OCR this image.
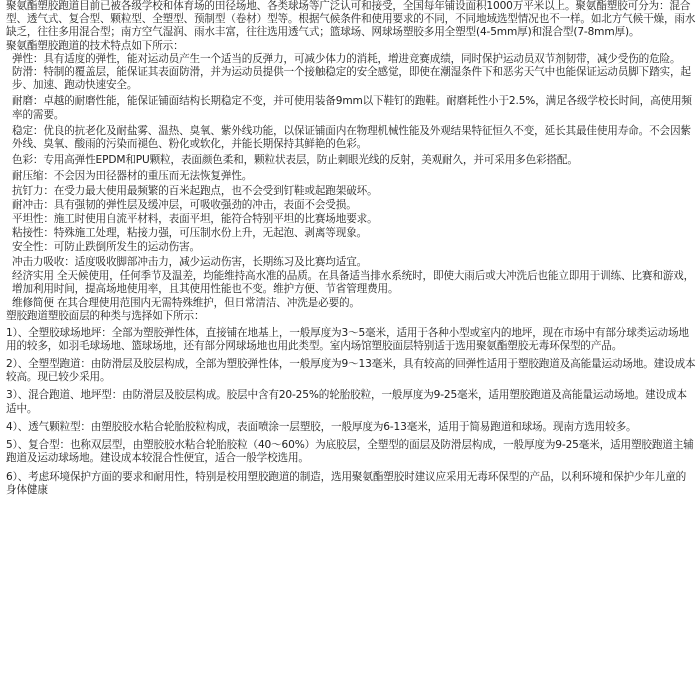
聚氨酯塑胶跑道目前已被各级学校和体育场的田径场地、各类球场等广泛认可和接受，全国每年铺设面积1000万平米以上。聚氨酯塑胶可分为：混合型、透气式、复合型、颗粒型、全塑型、预制型（卷材）型等。根据气候条件和使用要求的不同，不同地域选型情况也不一样。如北方气候干燥，雨水缺乏，往往多用混合型；南方空气湿润、雨水丰富，往往选用透气式；篮球场、网球场塑胶多用全塑型(4-5mm厚)和混合型(7-8mm厚)。

聚氨酯塑胶跑道的技术特点如下所示：

弹性：具有适度的弹性，能对运动员产生一个适当的反弹力，可减少体力的消耗，增进竞赛成绩，同时保护运动员双节剂韧带，减少受伤的危险。

防滑：特制的覆盖层，能保证其表面防滑，并为运动员提供一个接触稳定的安全感觉，即使在潮湿条件下和恶劣天气中也能保证运动员脚下踏实，起步、加速、跑动快速安全。

耐磨：卓越的耐磨性能，能保证铺面结构长期稳定不变，并可使用装备9mm以下鞋钉的跑鞋。耐磨耗性小于2.5%，满足各级学校长时间，高使用频率的需要。

稳定：优良的抗老化及耐盐雾、温热、臭氧、紫外线功能，以保证铺面内在物理机械性能及外观结果特征恒久不变，延长其最佳使用寿命。不会因紫外线、臭氧、酸雨的污染而褪色、粉化或软化，并能长期保持其鲜艳的色彩。

色彩：专用高弹性EPDM和PU颗粒，表面颜色柔和，颗粒状表层，防止刺眼光线的反射，美观耐久，并可采用多色彩搭配。

耐压缩：不会因为田径器材的重压而无法恢复弹性。

抗钉力：在受力最大使用最频繁的百米起跑点，也不会受到钉鞋或起跑架破坏。

耐冲击：具有强韧的弹性层及缓冲层，可吸收强劲的冲击，表面不会受损。

平坦性：施工时使用自流平材料，表面平坦，能符合特别平坦的比赛场地要求。

粘接性：特殊施工处理，粘接力强，可压制水份上升，无起泡、剥离等现象。

安全性：可防止跌倒所发生的运动伤害。

冲击力吸收：适度吸收脚部冲击力，减少运动伤害，长期练习及比赛均适宜。

经济实用 全天候使用，任何季节及温差，均能维持高水准的品质。在具备适当排水系统时，即使大雨后或大冲洗后也能立即用于训练、比赛和游戏，增加利用时间，提高场地使用率，且其使用性能也不变。维护方便、节省管理费用。

维修简便 在其合理使用范围内无需特殊维护，但日常清洁、冲洗是必要的。

塑胶跑道塑胶面层的种类与选择如下所示：

1）、全塑胶球场地坪：全部为塑胶弹性体，直接铺在地基上，一般厚度为3～5毫米，适用于各种小型或室内的地坪，现在市场中有部分球类运动场地用的较多，如羽毛球场地、篮球场地，还有部分网球场地也用此类型。室内场馆塑胶面层特别适于选用聚氨酯塑胶无毒环保型的产品。

2）、全塑型跑道：由防滑层及胶层构成，全部为塑胶弹性体，一般厚度为9～13毫米，具有较高的回弹性适用于塑胶跑道及高能量运动场地。建设成本较高。现已较少采用。

3）、混合跑道、地坪型：由防滑层及胶层构成。胶层中含有20-25%的轮胎胶粒，一般厚度为9-25毫米，适用塑胶跑道及高能量运动场地。建设成本适中。

4）、透气颗粒型：由塑胶胶水粘合轮胎胶粒构成，表面喷涂一层塑胶，一般厚度为6-13毫米，适用于简易跑道和球场。现南方选用较多。

5）、复合型：也称双层型，由塑胶胶水粘合轮胎胶粒（40～60%）为底胶层，全塑型的面层及防滑层构成，一般厚度为9-25毫米，适用塑胶跑道主辅跑道及运动球场地。建设成本较混合性便宜，适合一般学校选用。

6）、考虑环境保护方面的要求和耐用性，特别是校用塑胶跑道的制造，选用聚氨酯塑胶时建议应采用无毒环保型的产品，以利环境和保护少年儿童的身体健康
